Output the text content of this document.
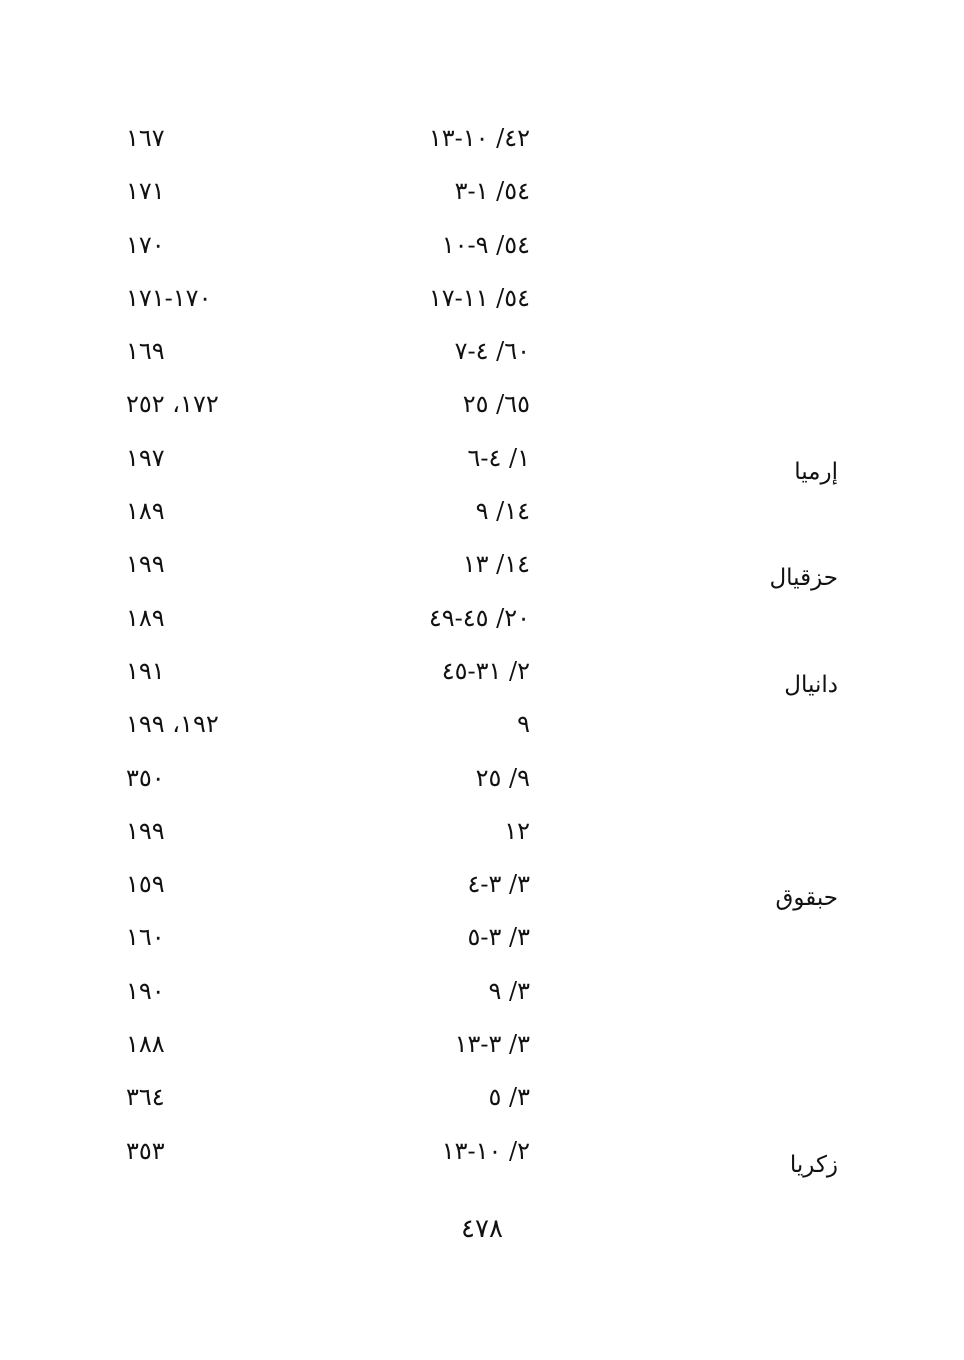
٤٢/ ١٠-١٣
١٦٧
٥٤/ ١-٣
١٧١
٥٤/ ٩-١٠
١٧٠
٥٤/ ١١-١٧
١٧٠-١٧١
٦٠/ ٤-٧
١٦٩
٦٥/ ٢٥
١٧٢، ٢٥٢
إرميا
١/ ٤-٦
١٩٧
١٤/ ٩
١٨٩
حزقيال
١٤/ ١٣
١٩٩
٢٠/ ٤٥-٤٩
١٨٩
دانيال
٢/ ٣١-٤٥
١٩١
٩
١٩٢، ١٩٩
٩/ ٢٥
٣٥٠
١٢
١٩٩
حبقوق
٣/ ٣-٤
١٥٩
٣/ ٣-٥
١٦٠
٣/ ٩
١٩٠
٣/ ٣-١٣
١٨٨
٣/ ٥
٣٦٤
زكريا
٢/ ١٠-١٣
٣٥٣
٤٧٨
